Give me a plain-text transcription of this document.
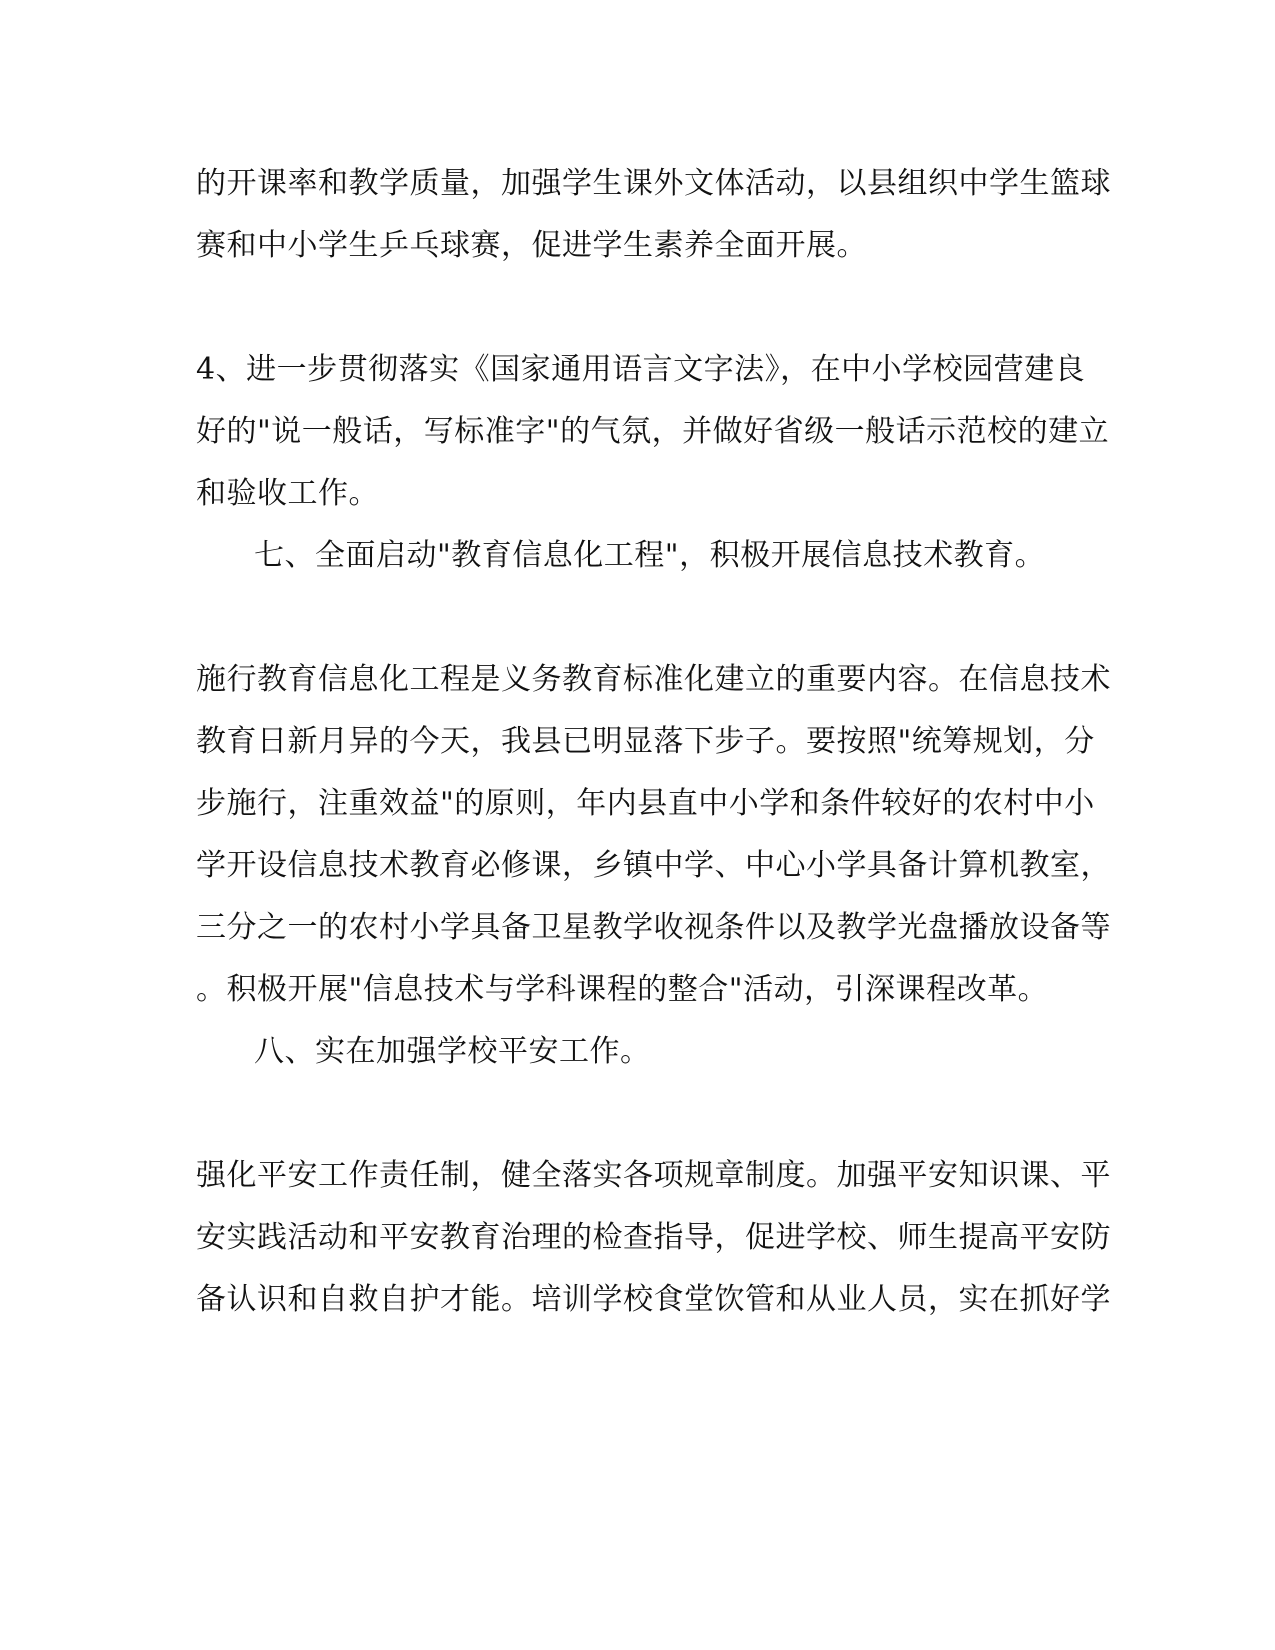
的开课率和教学质量，加强学生课外文体活动，以县组织中学生篮球
赛和中小学生乒乓球赛，促进学生素养全面开展。
4、进一步贯彻落实《国家通用语言文字法》，在中小学校园营建良
好的"说一般话，写标准字"的气氛，并做好省级一般话示范校的建立
和验收工作。
七、全面启动"教育信息化工程"，积极开展信息技术教育。
施行教育信息化工程是义务教育标准化建立的重要内容。在信息技术
教育日新月异的今天，我县已明显落下步子。要按照"统筹规划，分
步施行，注重效益"的原则，年内县直中小学和条件较好的农村中小
学开设信息技术教育必修课，乡镇中学、中心小学具备计算机教室，
三分之一的农村小学具备卫星教学收视条件以及教学光盘播放设备等
。积极开展"信息技术与学科课程的整合"活动，引深课程改革。
八、实在加强学校平安工作。
强化平安工作责任制，健全落实各项规章制度。加强平安知识课、平
安实践活动和平安教育治理的检查指导，促进学校、师生提高平安防
备认识和自救自护才能。培训学校食堂饮管和从业人员，实在抓好学
